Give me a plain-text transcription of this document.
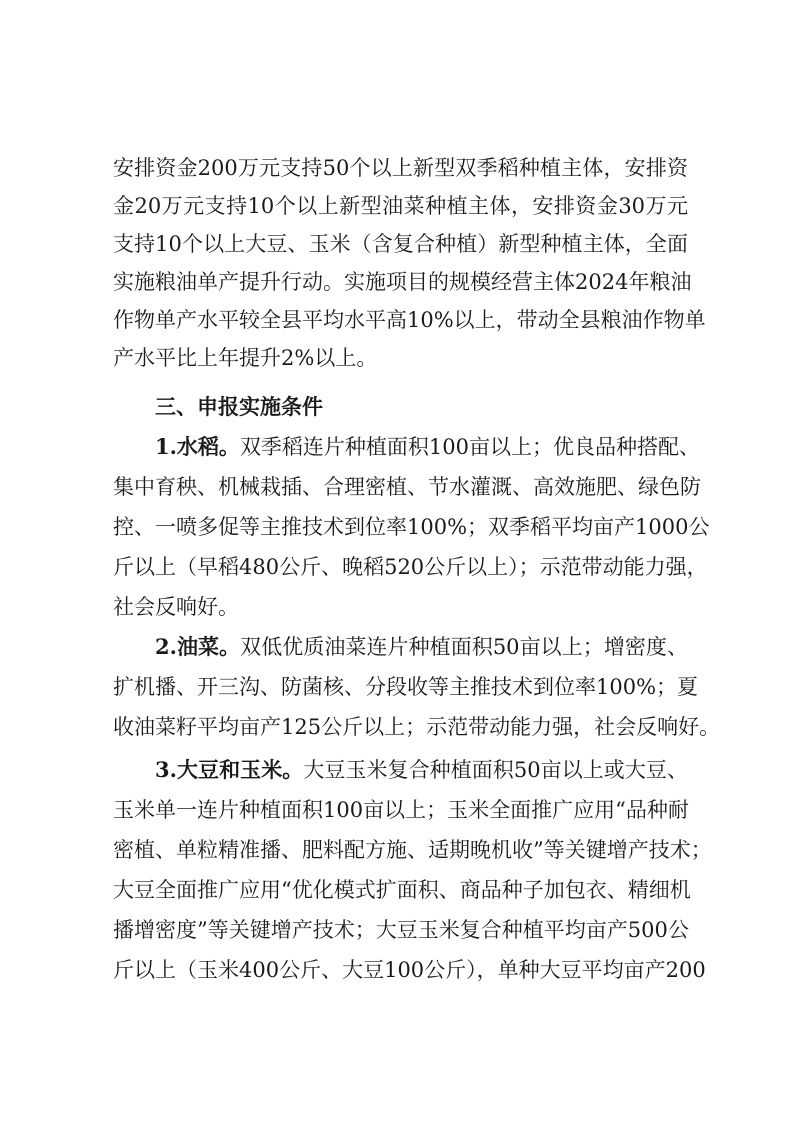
安排资金200万元支持50个以上新型双季稻种植主体，安排资
金20万元支持10个以上新型油菜种植主体，安排资金30万元
支持10个以上大豆、玉米（含复合种植）新型种植主体，全面
实施粮油单产提升行动。实施项目的规模经营主体2024年粮油
作物单产水平较全县平均水平高10%以上，带动全县粮油作物单
产水平比上年提升2%以上。
三、申报实施条件
1.水稻。双季稻连片种植面积100亩以上；优良品种搭配、
集中育秧、机械栽插、合理密植、节水灌溉、高效施肥、绿色防
控、一喷多促等主推技术到位率100%；双季稻平均亩产1000公
斤以上（早稻480公斤、晚稻520公斤以上）；示范带动能力强，
社会反响好。
2.油菜。双低优质油菜连片种植面积50亩以上；增密度、
扩机播、开三沟、防菌核、分段收等主推技术到位率100%；夏
收油菜籽平均亩产125公斤以上；示范带动能力强，社会反响好。
3.大豆和玉米。大豆玉米复合种植面积50亩以上或大豆、
玉米单一连片种植面积100亩以上；玉米全面推广应用“品种耐
密植、单粒精准播、肥料配方施、适期晚机收”等关键增产技术；
大豆全面推广应用“优化模式扩面积、商品种子加包衣、精细机
播增密度”等关键增产技术；大豆玉米复合种植平均亩产500公
斤以上（玉米400公斤、大豆100公斤），单种大豆平均亩产200
